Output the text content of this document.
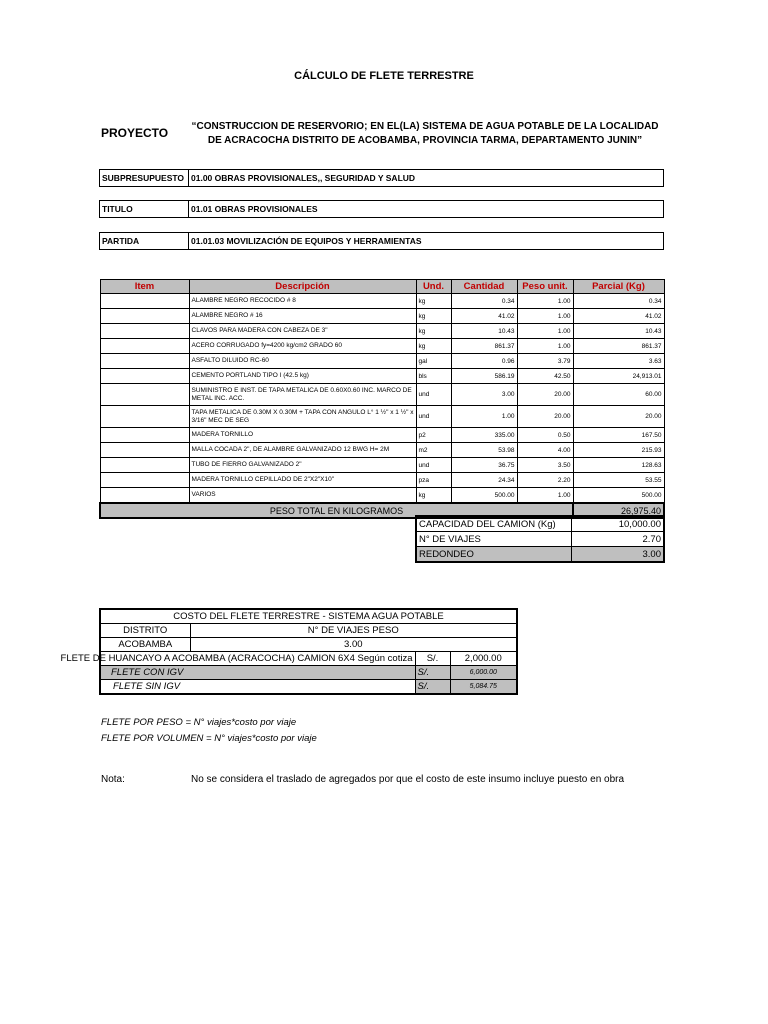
CÁLCULO DE FLETE TERRESTRE
PROYECTO “CONSTRUCCION DE RESERVORIO; EN EL(LA) SISTEMA DE AGUA POTABLE DE LA LOCALIDAD DE ACRACOCHA DISTRITO DE ACOBAMBA, PROVINCIA TARMA, DEPARTAMENTO JUNIN”
SUBPRESUPUESTO 01.00 OBRAS PROVISIONALES,, SEGURIDAD Y SALUD
TITULO	01.01 OBRAS PROVISIONALES
PARTIDA	01.01.03 MOVILIZACIÓN DE EQUIPOS Y HERRAMIENTAS
Item	Descripción	Und.	Cantidad	Peso unit.	Parcial (Kg)
	ALAMBRE NEGRO RECOCIDO # 8	kg	0.34	1.00	0.34
	ALAMBRE NEGRO # 16	kg	41.02	1.00	41.02
	CLAVOS PARA MADERA CON CABEZA DE 3"	kg	10.43	1.00	10.43
	ACERO CORRUGADO fy=4200 kg/cm2 GRADO 60	kg	861.37	1.00	861.37
	ASFALTO DILUIDO RC-60	gal	0.96	3.79	3.63
	CEMENTO PORTLAND TIPO I (42.5 kg)	bls	586.19	42.50	24,913.01
	SUMINISTRO E INST. DE TAPA METALICA DE 0.60X0.60 INC. MARCO DE METAL INC. ACC.	und	3.00	20.00	60.00
	TAPA METALICA DE 0.30M X 0.30M + TAPA CON ANGULO L° 1 ½" x 1 ½" x 3/16" MEC DE SEG	und	1.00	20.00	20.00
	MADERA TORNILLO	p2	335.00	0.50	167.50
	MALLA COCADA 2", DE ALAMBRE GALVANIZADO 12 BWG H= 2M	m2	53.98	4.00	215.93
	TUBO DE FIERRO GALVANIZADO 2"	und	36.75	3.50	128.63
	MADERA TORNILLO CEPILLADO DE 2"X2"X10"	pza	24.34	2.20	53.55
	VARIOS	kg	500.00	1.00	500.00
PESO TOTAL EN KILOGRAMOS					26,975.40
CAPACIDAD DEL CAMION (Kg)	10,000.00
N° DE VIAJES	2.70
REDONDEO	3.00
COSTO DEL FLETE TERRESTRE - SISTEMA AGUA POTABLE			
DISTRITO	N° DE VIAJES PESO		
ACOBAMBA	3.00		
FLETE DE HUANCAYO A ACOBAMBA (ACRACOCHA) CAMION 6X4 Según cotiza		S/.	2,000.00
FLETE CON IGV		S/.	6,000.00
FLETE SIN IGV		S/.	5,084.75
FLETE POR PESO = N° viajes*costo por viaje
FLETE POR VOLUMEN = N° viajes*costo por viaje
Nota:	No se considera el traslado de agregados por que el costo de este insumo incluye puesto en obra
